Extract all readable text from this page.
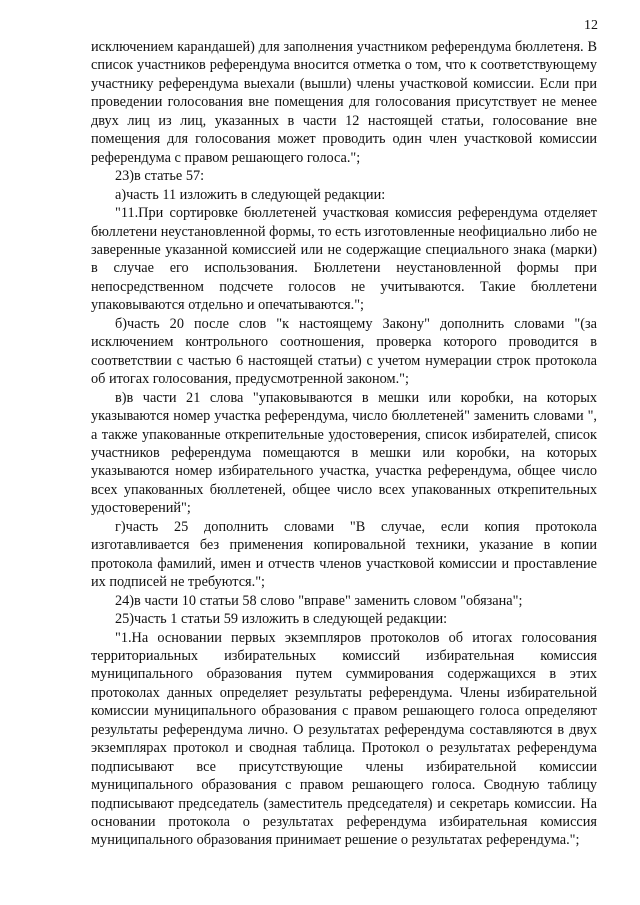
12

исключением карандашей) для заполнения участником референдума бюллетеня. В список участников референдума вносится отметка о том, что к соответствующему участнику референдума выехали (вышли) члены участковой комиссии. Если при проведении голосования вне помещения для голосования присутствует не менее двух лиц из лиц, указанных в части 12 настоящей статьи, голосование вне помещения для голосования может проводить один член участковой комиссии референдума с правом решающего голоса.";

23)в статье 57:

а)часть 11 изложить в следующей редакции:

"11.При сортировке бюллетеней участковая комиссия референдума отделяет бюллетени неустановленной формы, то есть изготовленные неофициально либо не заверенные указанной комиссией или не содержащие специального знака (марки) в случае его использования. Бюллетени неустановленной формы при непосредственном подсчете голосов не учитываются. Такие бюллетени упаковываются отдельно и опечатываются.";

б)часть 20 после слов "к настоящему Закону" дополнить словами "(за исключением контрольного соотношения, проверка которого проводится в соответствии с частью 6 настоящей статьи) с учетом нумерации строк протокола об итогах голосования, предусмотренной законом.";

в)в части 21 слова "упаковываются в мешки или коробки, на которых указываются номер участка референдума, число бюллетеней" заменить словами ", а также упакованные открепительные удостоверения, список избирателей, список участников референдума помещаются в мешки или коробки, на которых указываются номер избирательного участка, участка референдума, общее число всех упакованных бюллетеней, общее число всех упакованных открепительных удостоверений";

г)часть 25 дополнить словами "В случае, если копия протокола изготавливается без применения копировальной техники, указание в копии протокола фамилий, имен и отчеств членов участковой комиссии и проставление их подписей не требуются.";

24)в части 10 статьи 58 слово "вправе" заменить словом "обязана";

25)часть 1 статьи 59 изложить в следующей редакции:

"1.На основании первых экземпляров протоколов об итогах голосования территориальных избирательных комиссий избирательная комиссия муниципального образования путем суммирования содержащихся в этих протоколах данных определяет результаты референдума. Члены избирательной комиссии муниципального образования с правом решающего голоса определяют результаты референдума лично. О результатах референдума составляются в двух экземплярах протокол и сводная таблица. Протокол о результатах референдума подписывают все присутствующие члены избирательной комиссии муниципального образования с правом решающего голоса. Сводную таблицу подписывают председатель (заместитель председателя) и секретарь комиссии. На основании протокола о результатах референдума избирательная комиссия муниципального образования принимает решение о результатах референдума.";
